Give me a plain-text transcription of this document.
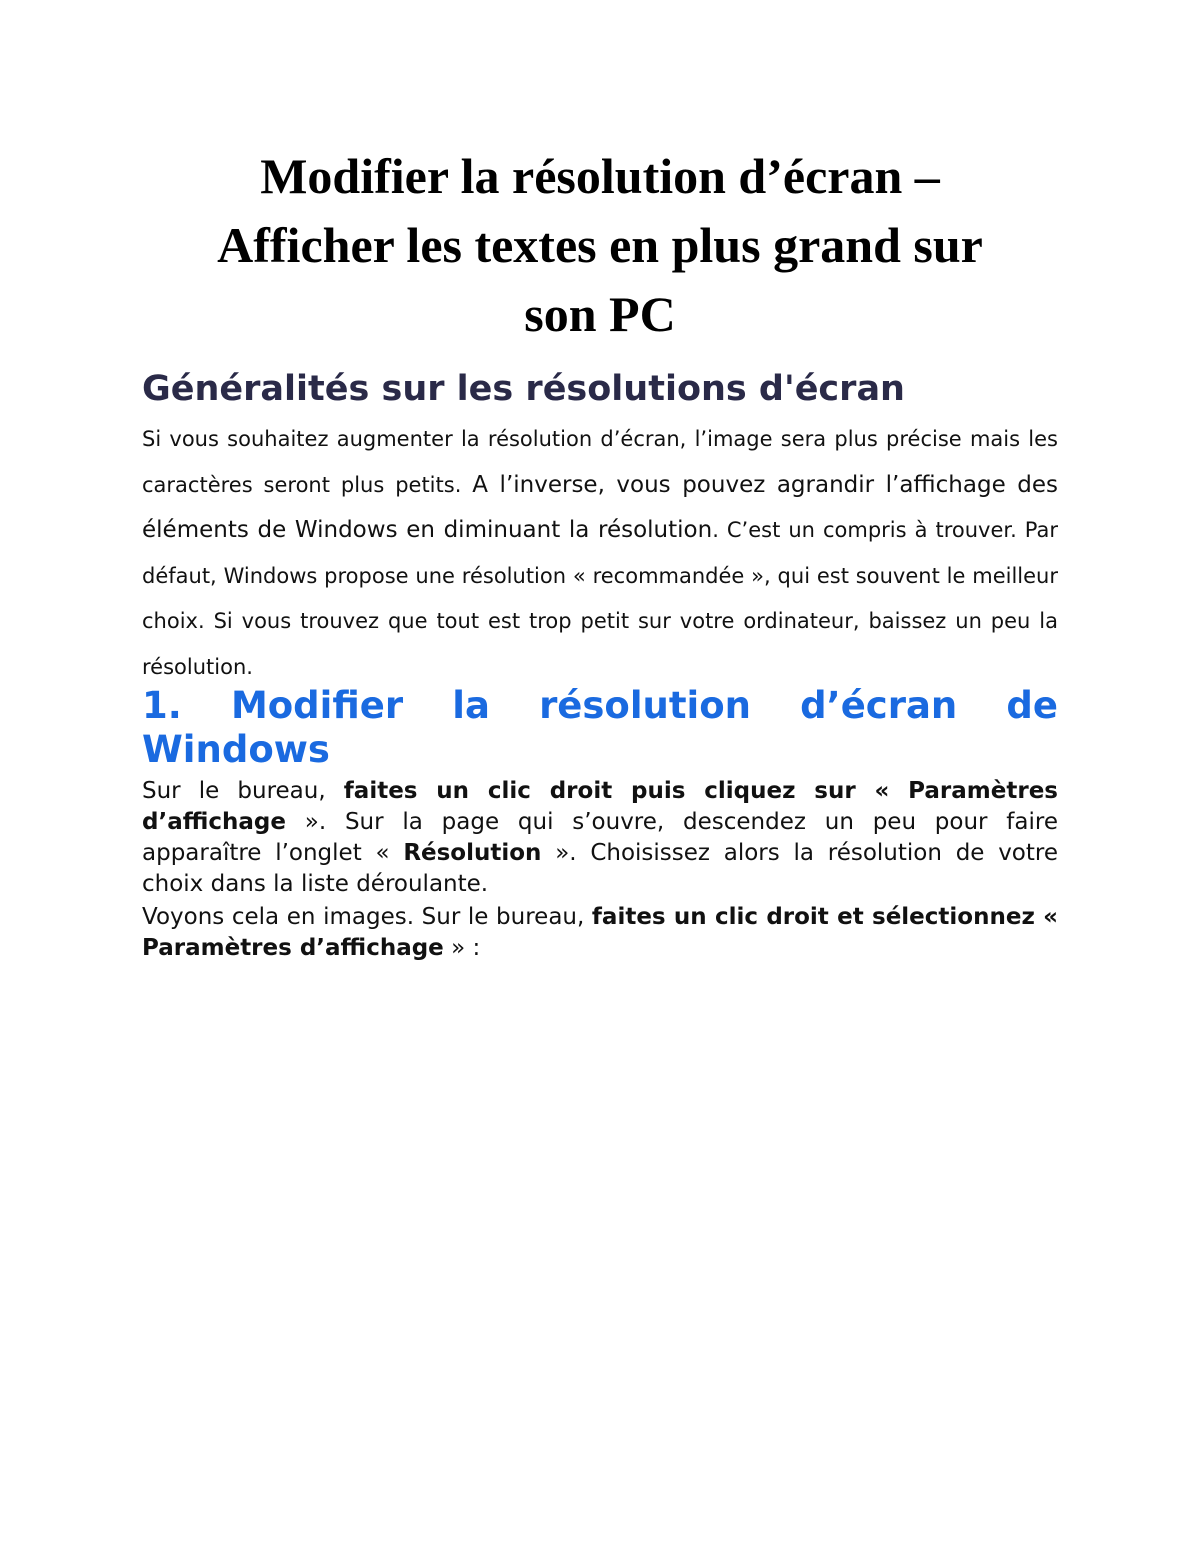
Modifier la résolution d’écran –
Afficher les textes en plus grand sur
son PC
Généralités sur les résolutions d'écran

Si vous souhaitez augmenter la résolution d’écran, l’image sera plus précise mais les caractères seront plus petits. A l’inverse, vous pouvez agrandir l’affichage des éléments de Windows en diminuant la résolution. C’est un compris à trouver. Par défaut, Windows propose une résolution « recommandée », qui est souvent le meilleur choix. Si vous trouvez que tout est trop petit sur votre ordinateur, baissez un peu la résolution.

1. Modifier la résolution d’écran de Windows

Sur le bureau, faites un clic droit puis cliquez sur « Paramètres d’affichage ». Sur la page qui s’ouvre, descendez un peu pour faire apparaître l’onglet « Résolution ». Choisissez alors la résolution de votre choix dans la liste déroulante.

Voyons cela en images. Sur le bureau, faites un clic droit et sélectionnez « Paramètres d’affichage » :
